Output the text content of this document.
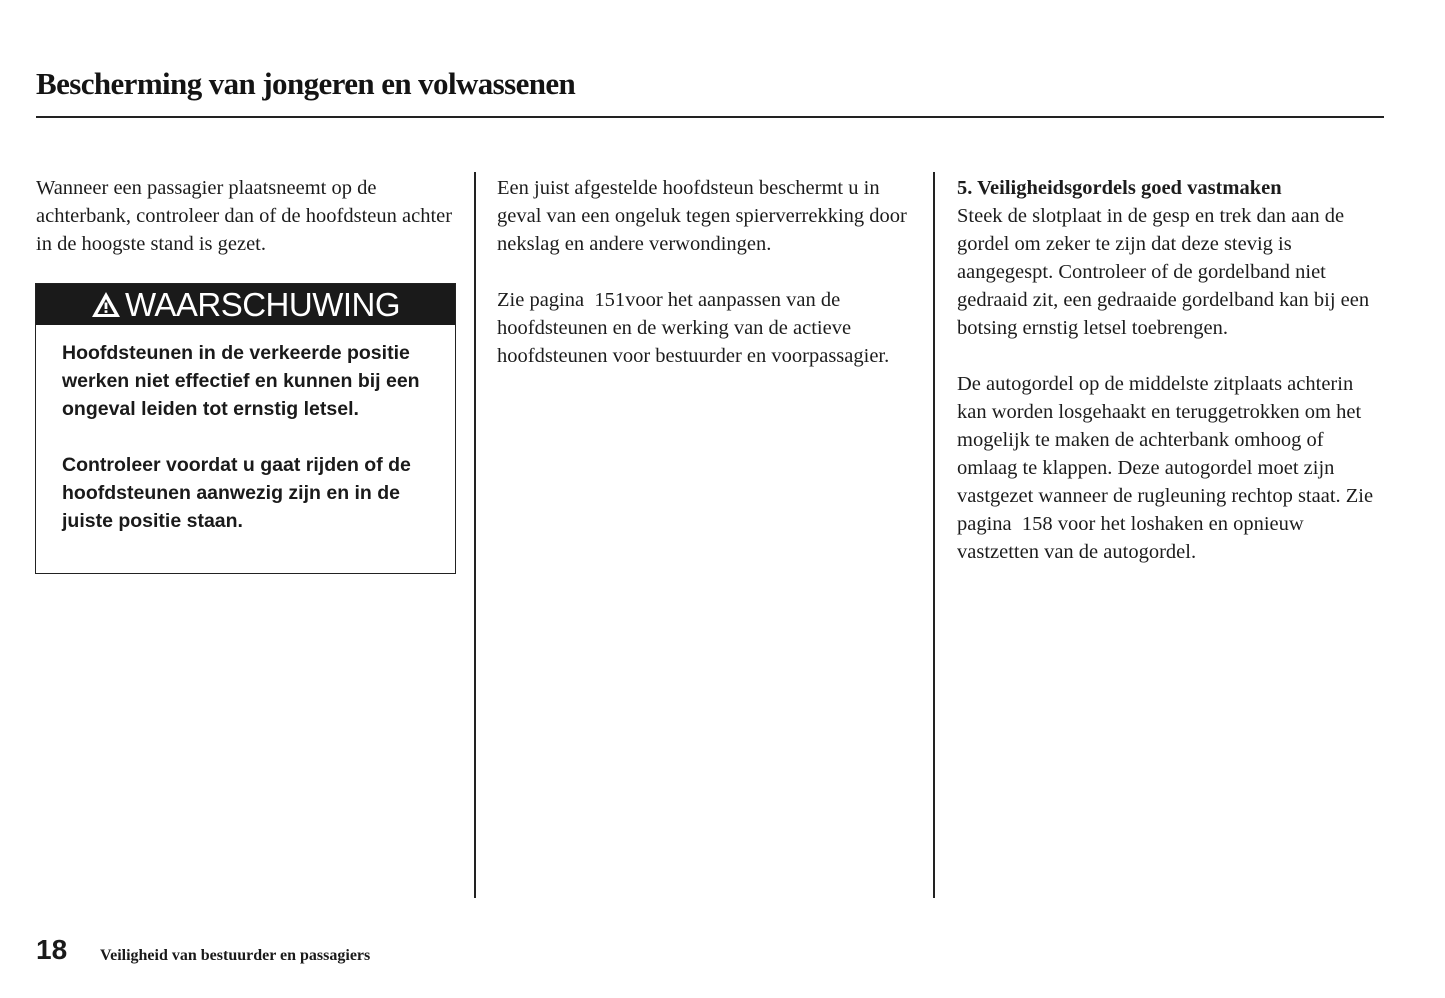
Bescherming van jongeren en volwassenen

Wanneer een passagier plaatsneemt op de achterbank, controleer dan of de hoofdsteun achter in de hoogste stand is gezet.

WAARSCHUWING

Hoofdsteunen in de verkeerde positie werken niet effectief en kunnen bij een ongeval leiden tot ernstig letsel.

Controleer voordat u gaat rijden of de hoofdsteunen aanwezig zijn en in de juiste positie staan.

Een juist afgestelde hoofdsteun beschermt u in geval van een ongeluk tegen spierverrekking door nekslag en andere verwondingen.

Zie pagina  151voor het aanpassen van de hoofdsteunen en de werking van de actieve hoofdsteunen voor bestuurder en voorpassagier.

5. Veiligheidsgordels goed vastmaken
Steek de slotplaat in de gesp en trek dan aan de gordel om zeker te zijn dat deze stevig is aangegespt. Controleer of de gordelband niet gedraaid zit, een gedraaide gordelband kan bij een botsing ernstig letsel toebrengen.

De autogordel op de middelste zitplaats achterin kan worden losgehaakt en teruggetrokken om het mogelijk te maken de achterbank omhoog of omlaag te klappen. Deze autogordel moet zijn vastgezet wanneer de rugleuning rechtop staat. Zie pagina  158 voor het loshaken en opnieuw vastzetten van de autogordel.

18 Veiligheid van bestuurder en passagiers
